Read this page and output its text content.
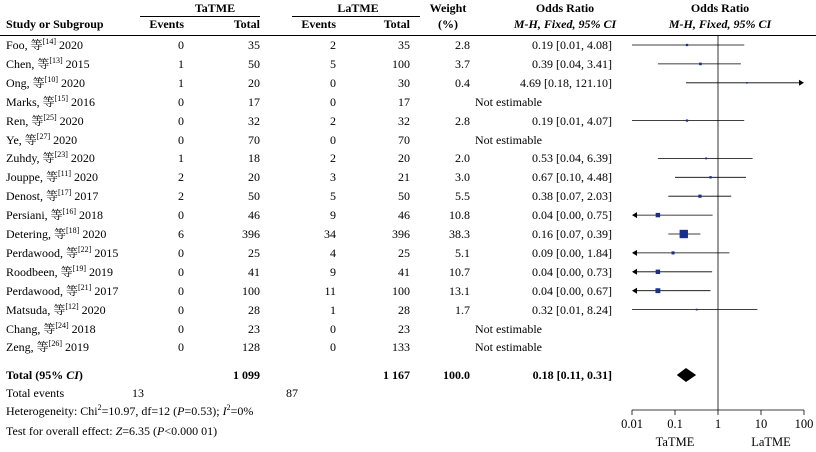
TaTME	LaTME	Weight
(%)
Odds Ratio
M-H, Fixed, 95% CI
Odds Ratio
M-H, Fixed, 95% CI
Study or Subgroup	Events	Total	Events	Total
Foo, 等[14] 2020	0	35	2	35	2.8	0.19 [0.01, 4.08]
Chen, 等[13] 2015	1	50	5	100	3.7	0.39 [0.04, 3.41]
Ong, 等[10] 2020	1	20	0	30	0.4	4.69 [0.18, 121.10]
Marks, 等[15] 2016	0	17	0	17	Not estimable
Ren, 等[25] 2020	0	32	2	32	2.8	0.19 [0.01, 4.07]
Ye, 等[27] 2020	0	70	0	70	Not estimable
Zuhdy, 等[23] 2020	1	18	2	20	2.0	0.53 [0.04, 6.39]
Jouppe, 等[11] 2020	2	20	3	21	3.0	0.67 [0.10, 4.48]
Denost, 等[17] 2017	2	50	5	50	5.5	0.38 [0.07, 2.03]
Persiani, 等[16] 2018	0	46	9	46	10.8	0.04 [0.00, 0.75]
Detering, 等[18] 2020	6	396	34	396	38.3	0.16 [0.07, 0.39]
Perdawood, 等[22] 2015	0	25	4	25	5.1	0.09 [0.00, 1.84]
Roodbeen, 等[19] 2019	0	41	9	41	10.7	0.04 [0.00, 0.73]
Perdawood, 等[21] 2017	0	100	11	100	13.1	0.04 [0.00, 0.67]
Matsuda, 等[12] 2020	0	28	1	28	1.7	0.32 [0.01, 8.24]
Chang, 等[24] 2018	0	23	0	23	Not estimable
Zeng, 等[26] 2019	0	128	0	133	Not estimable
Total (95% CI)	1 099	1 167	100.0	0.18 [0.11, 0.31]
Total events	13	87
Heterogeneity: Chi$^2$=10.97, df=12 (P=0.53); $I^2=0\%$
Test for overall effect: Z=6.35 (P<0.000 01)	0.01 0.1	1	10 100
TaTME	LaTME
